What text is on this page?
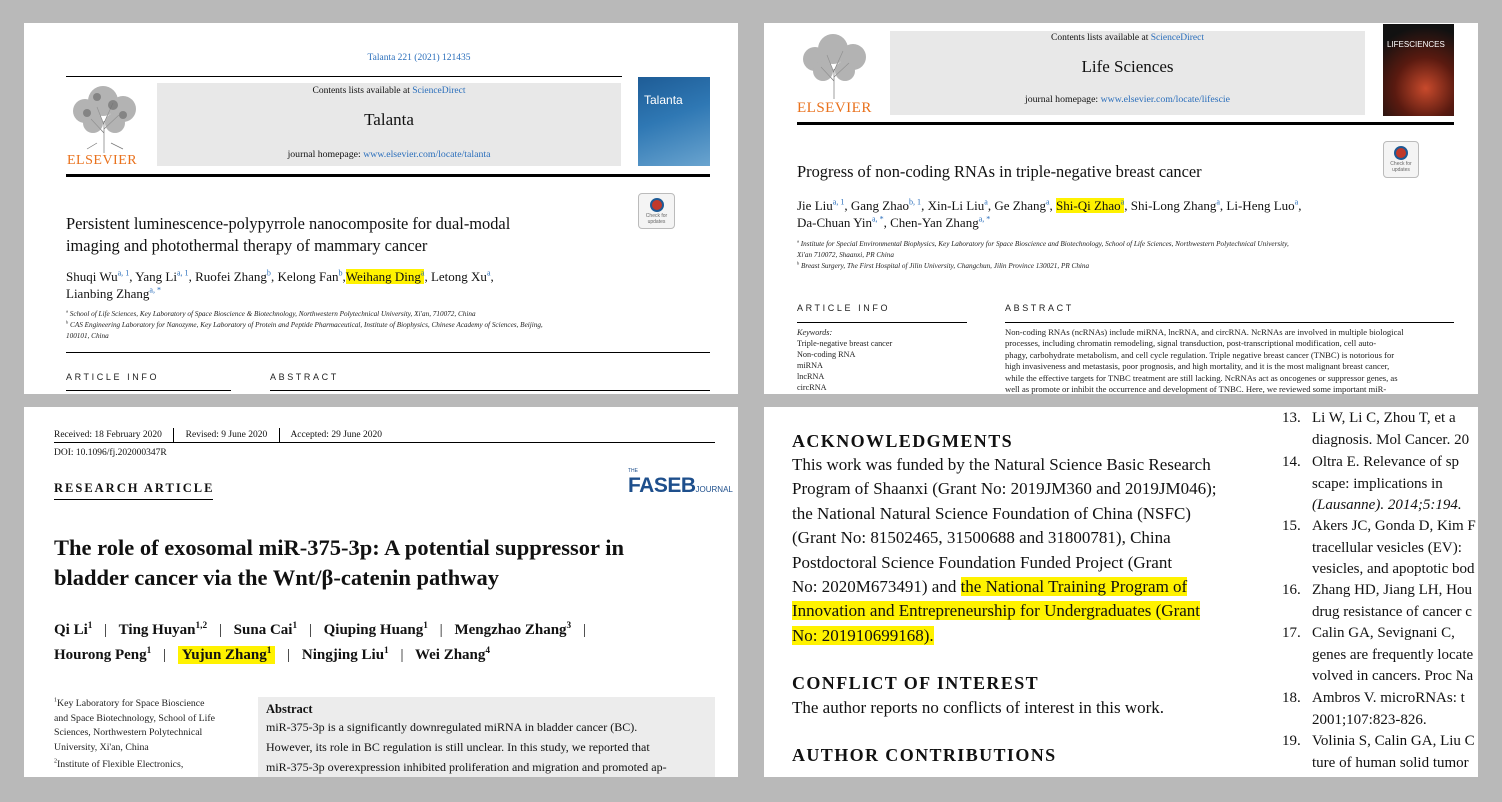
Talanta 221 (2021) 121435
ELSEVIER
Contents lists available at ScienceDirect
Talanta
journal homepage: www.elsevier.com/locate/talanta
Talanta
Check for updates
Persistent luminescence-polypyrrole nanocomposite for dual-modal
imaging and photothermal therapy of mammary cancer
Shuqi Wu$^{a, 1}$, Yang Li$^{a, 1}$, Ruofei Zhang$^b$, Kelong Fan$^b$,Weihang Ding$^a$, Letong Xu$^a$,
Lianbing Zhang$^{a, *}$
$^a$ School of Life Sciences, Key Laboratory of Space Bioscience & Biotechnology, Northwestern Polytechnical University, Xi'an, 710072, China
$^b$ CAS Engineering Laboratory for Nanozyme, Key Laboratory of Protein and Peptide Pharmaceutical, Institute of Biophysics, Chinese Academy of Sciences, Beijing,
100101, China
ARTICLE INFO	ABSTRACT
ELSEVIER
Contents lists available at ScienceDirect
Life Sciences
journal homepage: www.elsevier.com/locate/lifescie
LIFESCIENCES
Check for updates
Progress of non-coding RNAs in triple-negative breast cancer
Jie Liu$^{a, 1}$, Gang Zhao$^{b, 1}$, Xin-Li Liu$^a$, Ge Zhang$^a$, Shi-Qi Zhao$^a$, Shi-Long Zhang$^a$, Li-Heng Luo$^a$,
Da-Chuan Yin$^{a, *}$, Chen-Yan Zhang$^{a, *}$
$^a$ Institute for Special Environmental Biophysics, Key Laboratory for Space Bioscience and Biotechnology, School of Life Sciences, Northwestern Polytechnical University,
Xi'an 710072, Shaanxi, PR China
$^b$ Breast Surgery, The First Hospital of Jilin University, Changchun, Jilin Province 130021, PR China
ARTICLE INFO	ABSTRACT
Keywords:
Triple-negative breast cancer
Non-coding RNA
miRNA
lncRNA
circRNA
Non-coding RNAs (ncRNAs) include miRNA, lncRNA, and circRNA. NcRNAs are involved in multiple biological
processes, including chromatin remodeling, signal transduction, post-transcriptional modification, cell auto-
phagy, carbohydrate metabolism, and cell cycle regulation. Triple negative breast cancer (TNBC) is notorious for
high invasiveness and metastasis, poor prognosis, and high mortality, and it is the most malignant breast cancer,
while the effective targets for TNBC treatment are still lacking. NcRNAs act as oncogenes or suppressor genes, as
well as promote or inhibit the occurrence and development of TNBC. Here, we reviewed some important miR-
Received: 18 February 2020	Revised: 9 June 2020 Accepted: 29 June 2020
DOI: 10.1096/fj.202000347R
RESEARCH ARTICLE
THE
FASEBJOURNAL
The role of exosomal miR-375-3p: A potential suppressor in
bladder cancer via the Wnt/β-catenin pathway
Qi Li$^1$ | Ting Huyan$^{1,2}$ | Suna Cai$^1$ | Qiuping Huang$^1$ | Mengzhao Zhang$^3$ |
Hourong Peng$^1$ | Yujun Zhang$^1$ | Ningjing Liu$^1$ | Wei Zhang$^4$
$^1$Key Laboratory for Space Bioscience
and Space Biotechnology, School of Life
Sciences, Northwestern Polytechnical
University, Xi'an, China
$^2$Institute of Flexible Electronics,
Abstract
miR-375-3p is a significantly downregulated miRNA in bladder cancer (BC).
However, its role in BC regulation is still unclear. In this study, we reported that
miR-375-3p overexpression inhibited proliferation and migration and promoted ap-
ACKNOWLEDGMENTS
This work was funded by the Natural Science Basic Research
Program of Shaanxi (Grant No: 2019JM360 and 2019JM046);
the National Natural Science Foundation of China (NSFC)
(Grant No: 81502465, 31500688 and 31800781), China
Postdoctoral Science Foundation Funded Project (Grant
No: 2020M673491) and the National Training Program of
Innovation and Entrepreneurship for Undergraduates (Grant
No: 201910699168).
CONFLICT OF INTEREST
The author reports no conflicts of interest in this work.
AUTHOR CONTRIBUTIONS
13. Li W, Li C, Zhou T, et a
diagnosis. Mol Cancer. 20
14. Oltra E. Relevance of sp
scape: implications in
(Lausanne). 2014;5:194.
15. Akers JC, Gonda D, Kim F
tracellular vesicles (EV):
vesicles, and apoptotic bod
16. Zhang HD, Jiang LH, Hou
drug resistance of cancer c
17. Calin GA, Sevignani C,
genes are frequently locate
volved in cancers. Proc Na
18. Ambros V. microRNAs: t
2001;107:823-826.
19. Volinia S, Calin GA, Liu C
ture of human solid tumor
